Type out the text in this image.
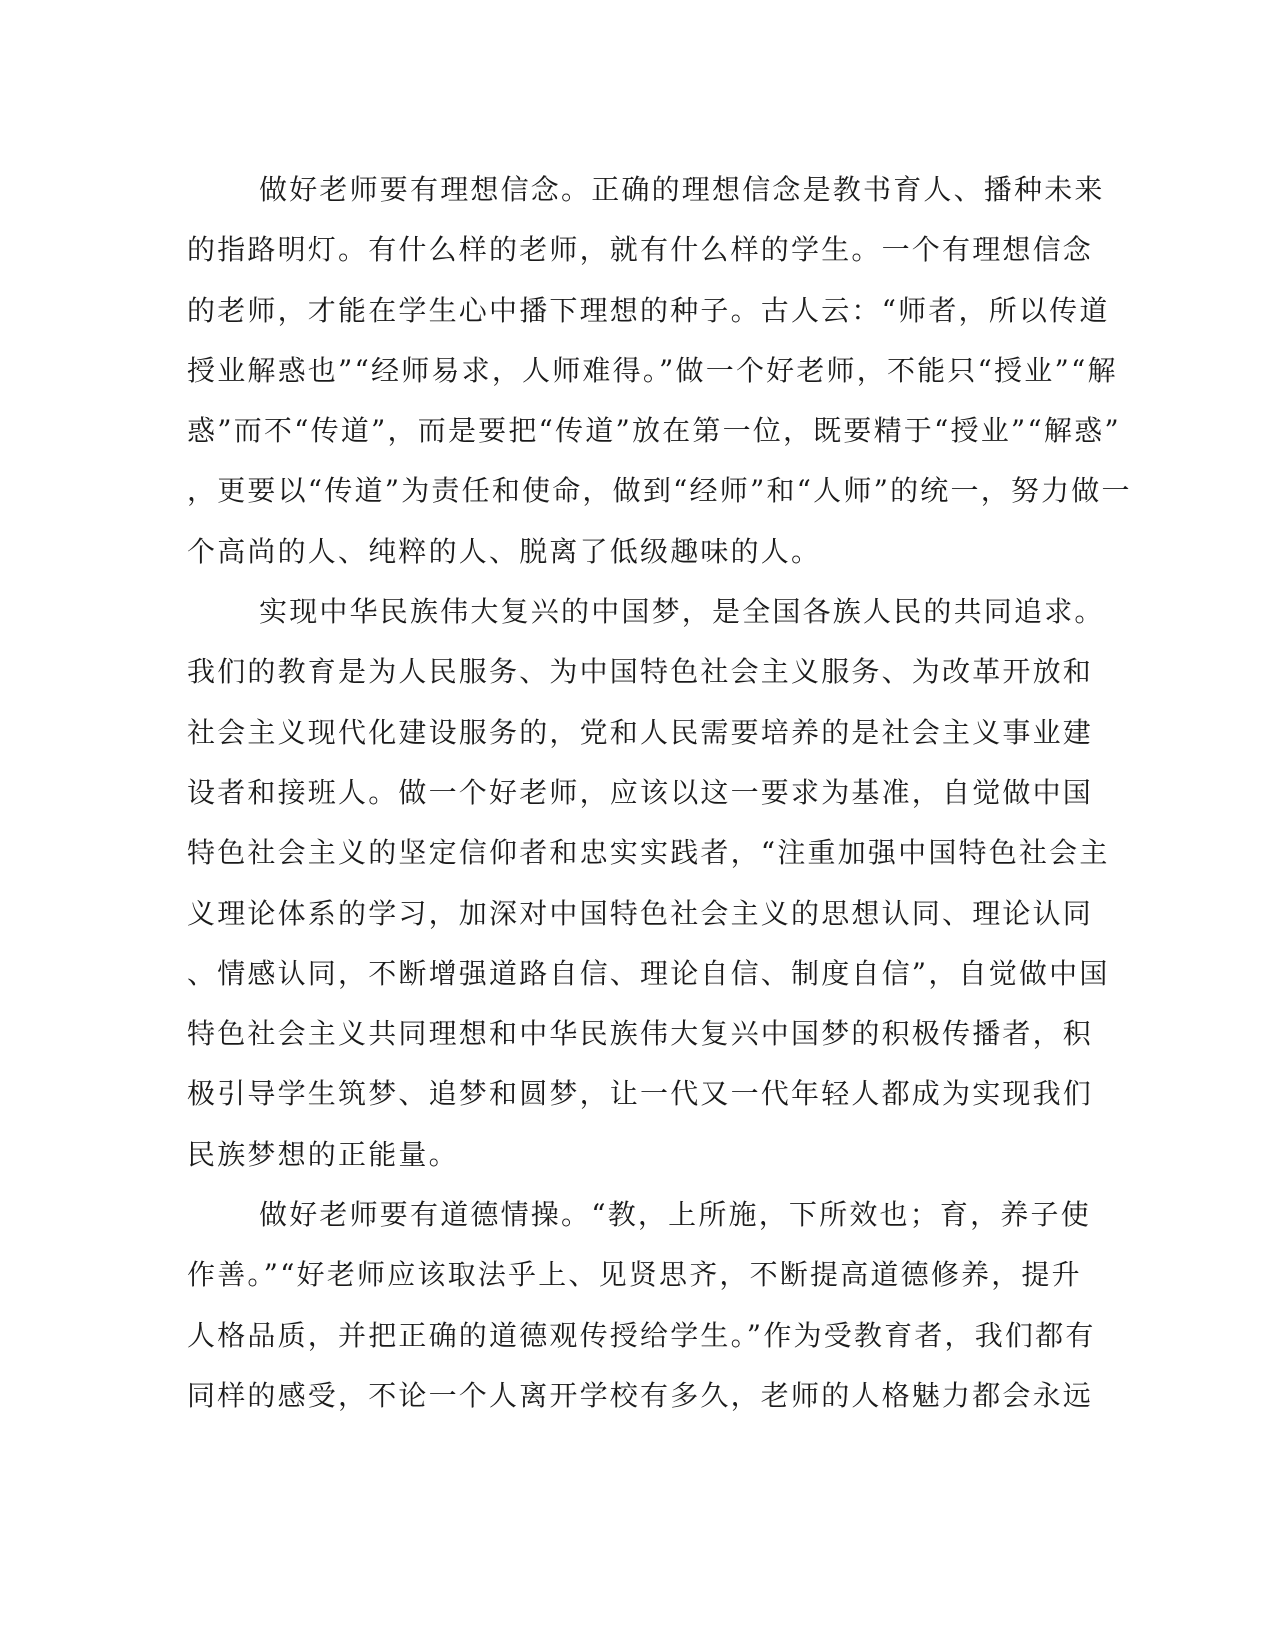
做好老师要有理想信念。正确的理想信念是教书育人、播种未来
的指路明灯。有什么样的老师，就有什么样的学生。一个有理想信念
的老师，才能在学生心中播下理想的种子。古人云：“师者，所以传道
授业解惑也”“经师易求，人师难得。”做一个好老师，不能只“授业”“解
惑”而不“传道”，而是要把“传道”放在第一位，既要精于“授业”“解惑”
，更要以“传道”为责任和使命，做到“经师”和“人师”的统一，努力做一
个高尚的人、纯粹的人、脱离了低级趣味的人。
实现中华民族伟大复兴的中国梦，是全国各族人民的共同追求。
我们的教育是为人民服务、为中国特色社会主义服务、为改革开放和
社会主义现代化建设服务的，党和人民需要培养的是社会主义事业建
设者和接班人。做一个好老师，应该以这一要求为基准，自觉做中国
特色社会主义的坚定信仰者和忠实实践者，“注重加强中国特色社会主
义理论体系的学习，加深对中国特色社会主义的思想认同、理论认同
、情感认同，不断增强道路自信、理论自信、制度自信”，自觉做中国
特色社会主义共同理想和中华民族伟大复兴中国梦的积极传播者，积
极引导学生筑梦、追梦和圆梦，让一代又一代年轻人都成为实现我们
民族梦想的正能量。
做好老师要有道德情操。“教，上所施，下所效也；育，养子使
作善。”“好老师应该取法乎上、见贤思齐，不断提高道德修养，提升
人格品质，并把正确的道德观传授给学生。”作为受教育者，我们都有
同样的感受，不论一个人离开学校有多久，老师的人格魅力都会永远
